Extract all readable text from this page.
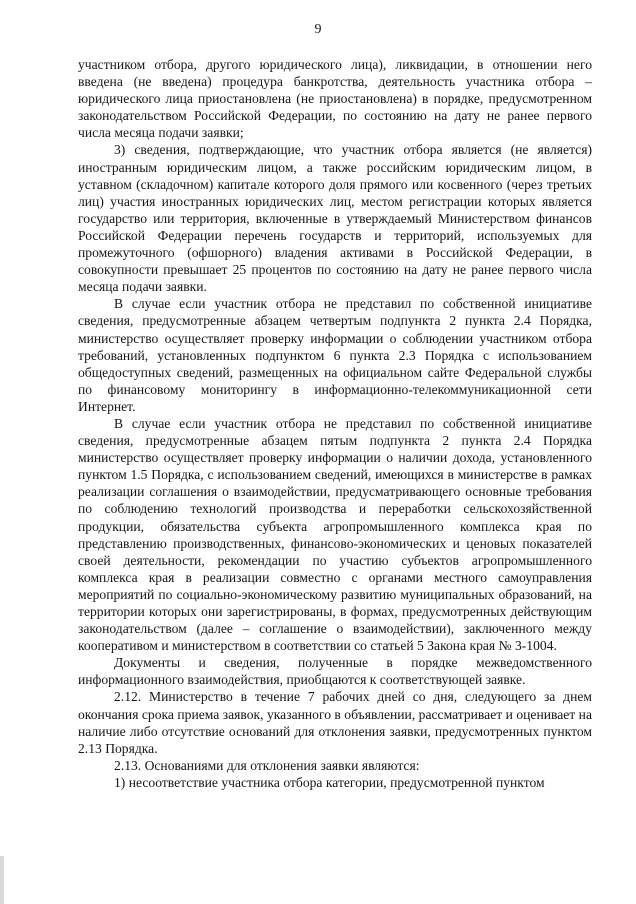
9

участником отбора, другого юридического лица), ликвидации, в отношении него введена (не введена) процедура банкротства, деятельность участника отбора – юридического лица приостановлена (не приостановлена) в порядке, предусмотренном законодательством Российской Федерации, по состоянию на дату не ранее первого числа месяца подачи заявки;

3) сведения, подтверждающие, что участник отбора является (не является) иностранным юридическим лицом, а также российским юридическим лицом, в уставном (складочном) капитале которого доля прямого или косвенного (через третьих лиц) участия иностранных юридических лиц, местом регистрации которых является государство или территория, включенные в утверждаемый Министерством финансов Российской Федерации перечень государств и территорий, используемых для промежуточного (офшорного) владения активами в Российской Федерации, в совокупности превышает 25 процентов по состоянию на дату не ранее первого числа месяца подачи заявки.

В случае если участник отбора не представил по собственной инициативе сведения, предусмотренные абзацем четвертым подпункта 2 пункта 2.4 Порядка, министерство осуществляет проверку информации о соблюдении участником отбора требований, установленных подпунктом 6 пункта 2.3 Порядка с использованием общедоступных сведений, размещенных на официальном сайте Федеральной службы по финансовому мониторингу в информационно-телекоммуникационной сети Интернет.

В случае если участник отбора не представил по собственной инициативе сведения, предусмотренные абзацем пятым подпункта 2 пункта 2.4 Порядка министерство осуществляет проверку информации о наличии дохода, установленного пунктом 1.5 Порядка, с использованием сведений, имеющихся в министерстве в рамках реализации соглашения о взаимодействии, предусматривающего основные требования по соблюдению технологий производства и переработки сельскохозяйственной продукции, обязательства субъекта агропромышленного комплекса края по представлению производственных, финансово-экономических и ценовых показателей своей деятельности, рекомендации по участию субъектов агропромышленного комплекса края в реализации совместно с органами местного самоуправления мероприятий по социально-экономическому развитию муниципальных образований, на территории которых они зарегистрированы, в формах, предусмотренных действующим законодательством (далее – соглашение о взаимодействии), заключенного между кооперативом и министерством в соответствии со статьей 5 Закона края № 3-1004.

Документы и сведения, полученные в порядке межведомственного информационного взаимодействия, приобщаются к соответствующей заявке.

2.12. Министерство в течение 7 рабочих дней со дня, следующего за днем окончания срока приема заявок, указанного в объявлении, рассматривает и оценивает на наличие либо отсутствие оснований для отклонения заявки, предусмотренных пунктом 2.13 Порядка.

2.13. Основаниями для отклонения заявки являются:

1) несоответствие участника отбора категории, предусмотренной пунктом
